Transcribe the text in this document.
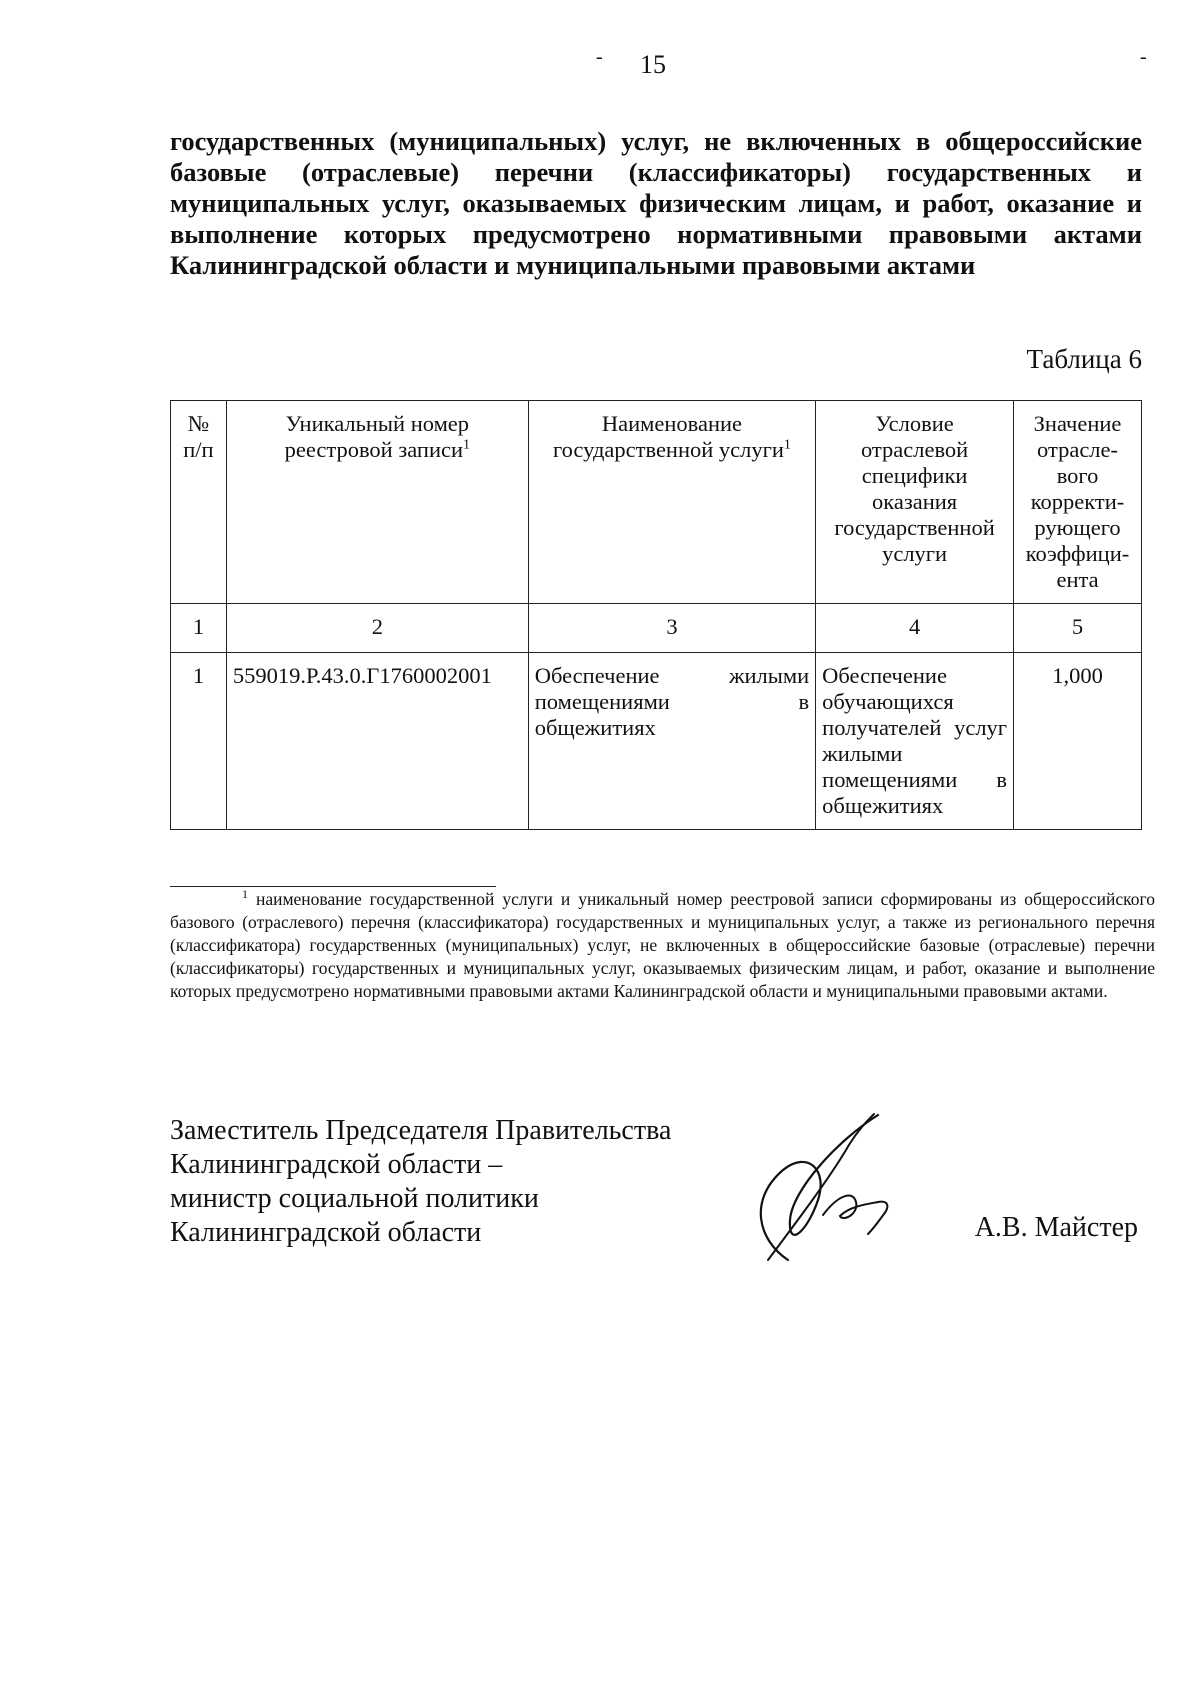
- 15	-
государственных (муниципальных) услуг, не включенных в общероссийские базовые (отраслевые) перечни (классификаторы) государственных и муниципальных услуг, оказываемых физическим лицам, и работ, оказание и выполнение которых предусмотрено нормативными правовыми актами Калининградской области и муниципальными правовыми актами
Таблица 6
№ п/п	Уникальный номер реестровой записи$^1$	Наименование государственной услуги$^1$	Условие отраслевой специфики оказания государственной услуги	Значение отрасле-вого корректи-рующего коэффици-ента
1	2	3	4	5
1	559019.Р.43.0.Г1760002001	Обеспечение жилыми помещениями в общежитиях	Обеспечение обучающихся получателей услуг жилыми помещениями в общежитиях	1,000
$^1$ наименование государственной услуги и уникальный номер реестровой записи сформированы из общероссийского базового (отраслевого) перечня (классификатора) государственных и муниципальных услуг, а также из регионального перечня (классификатора) государственных (муниципальных) услуг, не включенных в общероссийские базовые (отраслевые) перечни (классификаторы) государственных и муниципальных услуг, оказываемых физическим лицам, и работ, оказание и выполнение которых предусмотрено нормативными правовыми актами Калининградской области и муниципальными правовыми актами.
Заместитель Председателя Правительства
Калининградской области –
министр социальной политики
Калининградской области	А.В. Майстер
